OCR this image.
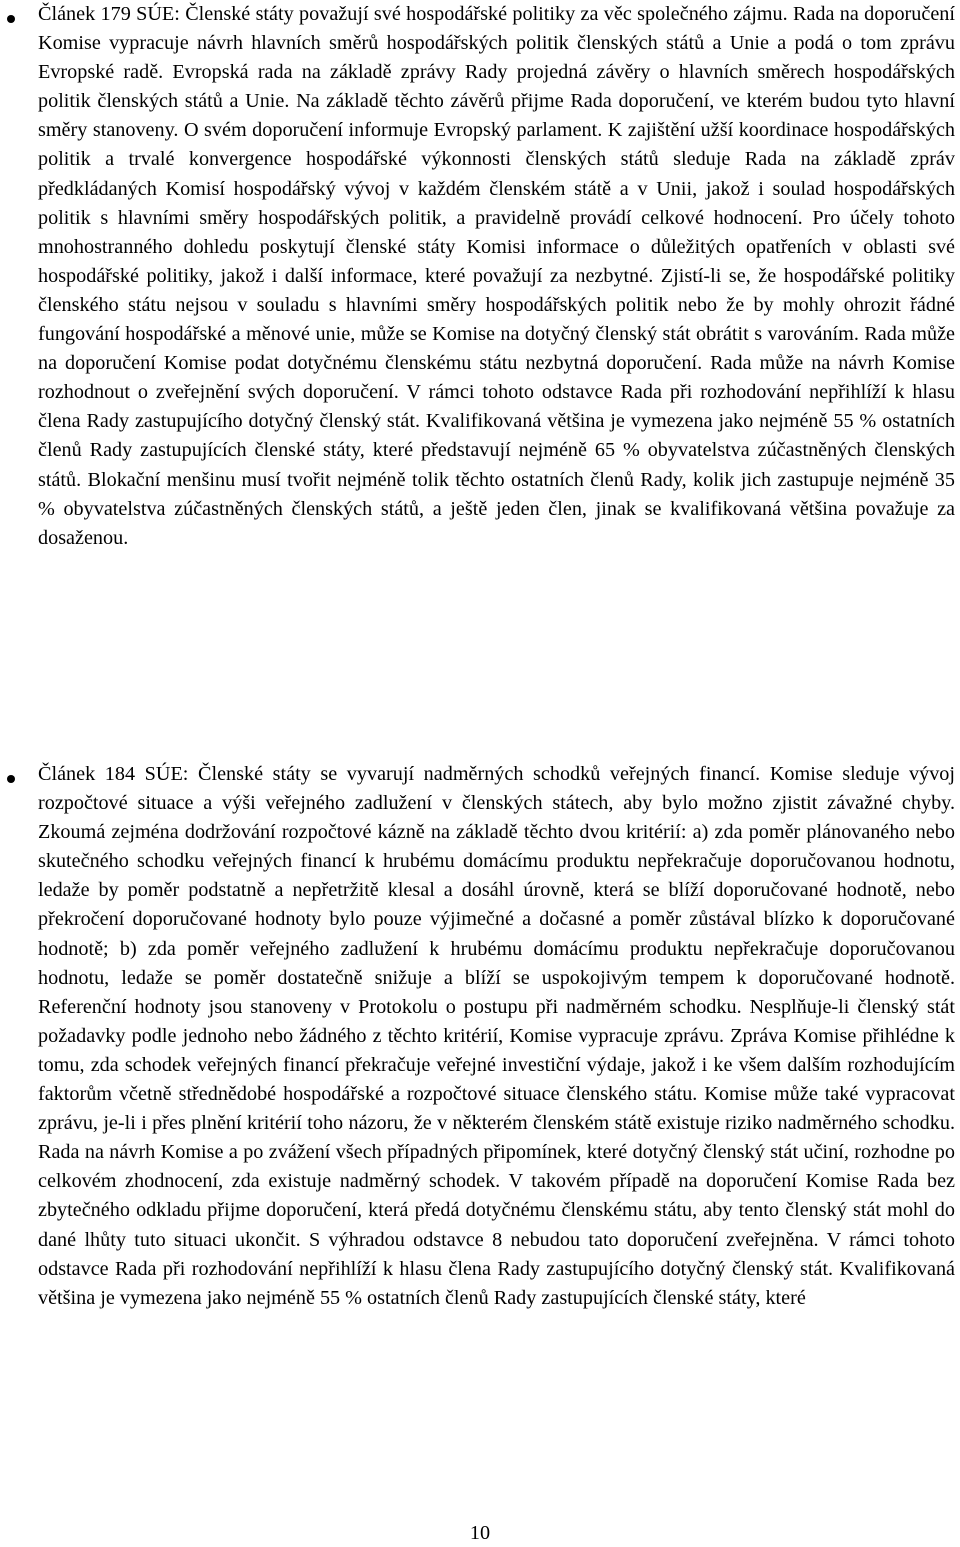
Článek 179 SÚE: Členské státy považují své hospodářské politiky za věc společného zájmu. Rada na doporučení Komise vypracuje návrh hlavních směrů hospodářských politik členských států a Unie a podá o tom zprávu Evropské radě. Evropská rada na základě zprávy Rady projedná závěry o hlavních směrech hospodářských politik členských států a Unie. Na základě těchto závěrů přijme Rada doporučení, ve kterém budou tyto hlavní směry stanoveny. O svém doporučení informuje Evropský parlament. K zajištění užší koordinace hospodářských politik a trvalé konvergence hospodářské výkonnosti členských států sleduje Rada na základě zpráv předkládaných Komisí hospodářský vývoj v každém členském státě a v Unii, jakož i soulad hospodářských politik s hlavními směry hospodářských politik, a pravidelně provádí celkové hodnocení. Pro účely tohoto mnohostranného dohledu poskytují členské státy Komisi informace o důležitých opatřeních v oblasti své hospodářské politiky, jakož i další informace, které považují za nezbytné. Zjistí-li se, že hospodářské politiky členského státu nejsou v souladu s hlavními směry hospodářských politik nebo že by mohly ohrozit řádné fungování hospodářské a měnové unie, může se Komise na dotyčný členský stát obrátit s varováním. Rada může na doporučení Komise podat dotyčnému členskému státu nezbytná doporučení. Rada může na návrh Komise rozhodnout o zveřejnění svých doporučení. V rámci tohoto odstavce Rada při rozhodování nepřihlíží k hlasu člena Rady zastupujícího dotyčný členský stát. Kvalifikovaná většina je vymezena jako nejméně 55 % ostatních členů Rady zastupujících členské státy, které představují nejméně 65 % obyvatelstva zúčastněných členských států. Blokační menšinu musí tvořit nejméně tolik těchto ostatních členů Rady, kolik jich zastupuje nejméně 35 % obyvatelstva zúčastněných členských států, a ještě jeden člen, jinak se kvalifikovaná většina považuje za dosaženou.

Článek 184 SÚE: Členské státy se vyvarují nadměrných schodků veřejných financí. Komise sleduje vývoj rozpočtové situace a výši veřejného zadlužení v členských státech, aby bylo možno zjistit závažné chyby. Zkoumá zejména dodržování rozpočtové kázně na základě těchto dvou kritérií: a) zda poměr plánovaného nebo skutečného schodku veřejných financí k hrubému domácímu produktu nepřekračuje doporučovanou hodnotu, ledaže by poměr podstatně a nepřetržitě klesal a dosáhl úrovně, která se blíží doporučované hodnotě, nebo překročení doporučované hodnoty bylo pouze výjimečné a dočasné a poměr zůstával blízko k doporučované hodnotě; b) zda poměr veřejného zadlužení k hrubému domácímu produktu nepřekračuje doporučovanou hodnotu, ledaže se poměr dostatečně snižuje a blíží se uspokojivým tempem k doporučované hodnotě. Referenční hodnoty jsou stanoveny v Protokolu o postupu při nadměrném schodku. Nesplňuje-li členský stát požadavky podle jednoho nebo žádného z těchto kritérií, Komise vypracuje zprávu. Zpráva Komise přihlédne k tomu, zda schodek veřejných financí překračuje veřejné investiční výdaje, jakož i ke všem dalším rozhodujícím faktorům včetně střednědobé hospodářské a rozpočtové situace členského státu. Komise může také vypracovat zprávu, je-li i přes plnění kritérií toho názoru, že v některém členském státě existuje riziko nadměrného schodku. Rada na návrh Komise a po zvážení všech případných připomínek, které dotyčný členský stát učiní, rozhodne po celkovém zhodnocení, zda existuje nadměrný schodek. V takovém případě na doporučení Komise Rada bez zbytečného odkladu přijme doporučení, která předá dotyčnému členskému státu, aby tento členský stát mohl do dané lhůty tuto situaci ukončit. S výhradou odstavce 8 nebudou tato doporučení zveřejněna. V rámci tohoto odstavce Rada při rozhodování nepřihlíží k hlasu člena Rady zastupujícího dotyčný členský stát. Kvalifikovaná většina je vymezena jako nejméně 55 % ostatních členů Rady zastupujících členské státy, které

10
